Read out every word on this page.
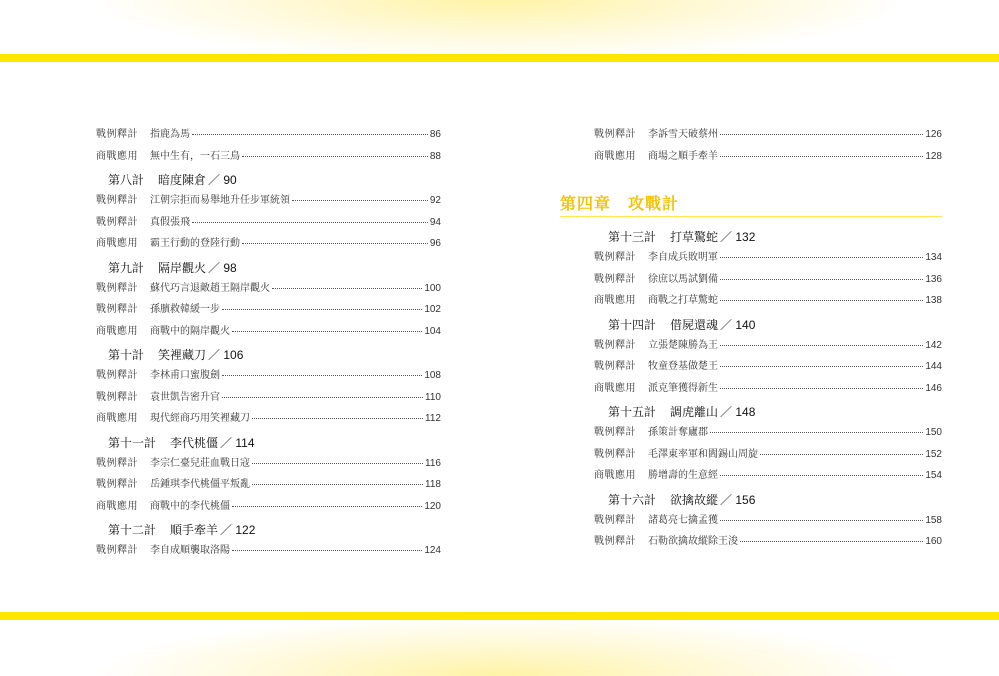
戰例釋計	指鹿為馬	86
商戰應用	無中生有，一石三鳥	88
第八計 暗度陳倉 ／ 90
戰例釋計	江朝宗拒而易舉地升任步軍統領	92
戰例釋計	真假張飛	94
商戰應用	霸王行動的登陸行動	96
第九計 隔岸觀火 ／ 98
戰例釋計	蘇代巧言退敵趙王隔岸觀火	100
戰例釋計	孫臏救韓緩一步	102
商戰應用	商戰中的隔岸觀火	104
第十計 笑裡藏刀 ／ 106
戰例釋計	李林甫口蜜腹劍	108
戰例釋計	袁世凱告密升官	110
商戰應用	現代經商巧用笑裡藏刀	112
第十一計 李代桃僵 ／ 114
戰例釋計	李宗仁臺兒莊血戰日寇	116
戰例釋計	岳鍾琪李代桃僵平叛亂	118
商戰應用	商戰中的李代桃僵	120
第十二計 順手牽羊 ／ 122
戰例釋計	李自成順襲取洛陽	124
戰例釋計	李訴雪天破蔡州	126
商戰應用	商場之順手牽羊	128
第四章　攻戰計
第十三計 打草驚蛇 ／ 132
戰例釋計	李自成兵敗明軍	134
戰例釋計	徐庶以馬試劉備	136
商戰應用	商戰之打草驚蛇	138
第十四計 借屍還魂 ／ 140
戰例釋計	立張楚陳勝為王	142
戰例釋計	牧童登基做楚王	144
商戰應用	派克筆獲得新生	146
第十五計 調虎離山 ／ 148
戰例釋計	孫策計奪廬郡	150
戰例釋計	毛澤東率軍和閻錫山周旋	152
商戰應用	勝增壽的生意經	154
第十六計 欲擒故縱 ／ 156
戰例釋計	諸葛亮七擒孟獲	158
戰例釋計	石勒欲擒故縱除王浚	160
